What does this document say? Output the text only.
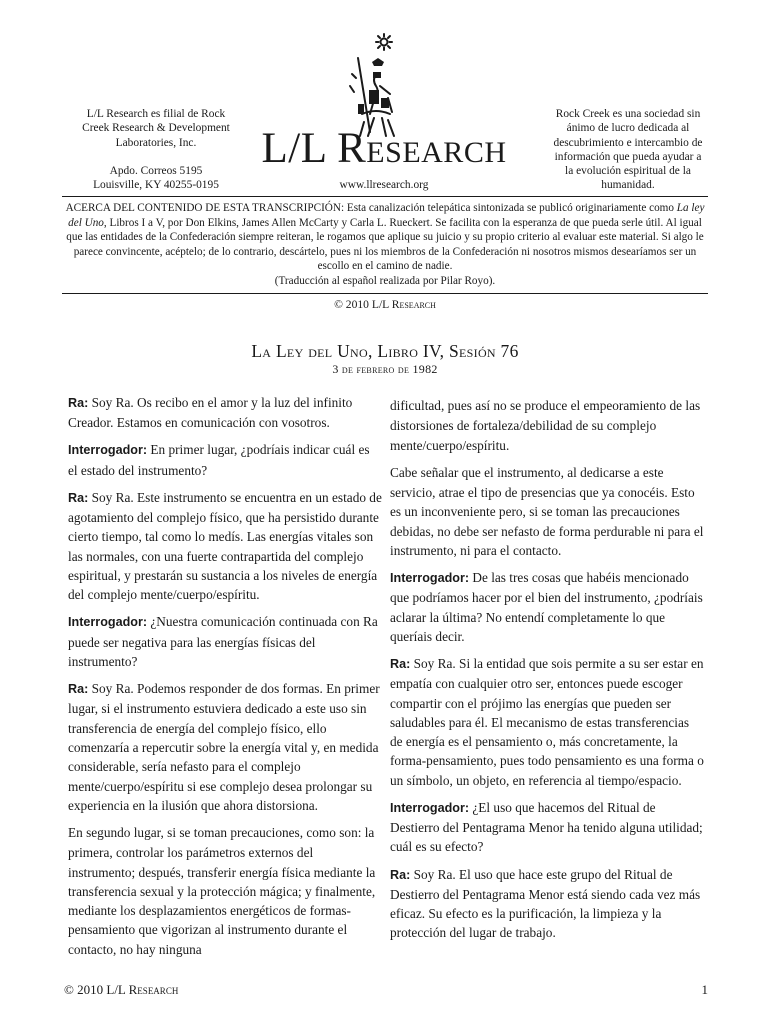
L/L Research es filial de Rock
Creek Research & Development
Laboratories, Inc.
Apdo. Correos 5195
Louisville, KY 40255-0195
L/L Research
www.llresearch.org
Rock Creek es una sociedad sin
ánimo de lucro dedicada al
descubrimiento e intercambio de
información que pueda ayudar a
la evolución espiritual de la
humanidad.
ACERCA DEL CONTENIDO DE ESTA TRANSCRIPCIÓN: Esta canalización telepática sintonizada se publicó originariamente como La ley del Uno, Libros I a V, por Don Elkins, James Allen McCarty y Carla L. Rueckert. Se facilita con la esperanza de que pueda serle útil. Al igual que las entidades de la Confederación siempre reiteran, le rogamos que aplique su juicio y su propio criterio al evaluar este material. Si algo le parece convincente, acéptelo; de lo contrario, descártelo, pues ni los miembros de la Confederación ni nosotros mismos desearíamos ser un escollo en el camino de nadie.
(Traducción al español realizada por Pilar Royo).
© 2010 L/L Research
La Ley del Uno, Libro IV, Sesión 76
3 de febrero de 1982

Ra: Soy Ra. Os recibo en el amor y la luz del infinito Creador. Estamos en comunicación con vosotros.

Interrogador: En primer lugar, ¿podríais indicar cuál es el estado del instrumento?

Ra: Soy Ra. Este instrumento se encuentra en un estado de agotamiento del complejo físico, que ha persistido durante cierto tiempo, tal como lo medís. Las energías vitales son las normales, con una fuerte contrapartida del complejo espiritual, y prestarán su sustancia a los niveles de energía del complejo mente/cuerpo/espíritu.

Interrogador: ¿Nuestra comunicación continuada con Ra puede ser negativa para las energías físicas del instrumento?

Ra: Soy Ra. Podemos responder de dos formas. En primer lugar, si el instrumento estuviera dedicado a este uso sin transferencia de energía del complejo físico, ello comenzaría a repercutir sobre la energía vital y, en medida considerable, sería nefasto para el complejo mente/cuerpo/espíritu si ese complejo desea prolongar su experiencia en la ilusión que ahora distorsiona.

En segundo lugar, si se toman precauciones, como son: la primera, controlar los parámetros externos del instrumento; después, transferir energía física mediante la transferencia sexual y la protección mágica; y finalmente, mediante los desplazamientos energéticos de formas-pensamiento que vigorizan al instrumento durante el contacto, no hay ninguna

dificultad, pues así no se produce el empeoramiento de las distorsiones de fortaleza/debilidad de su complejo mente/cuerpo/espíritu.

Cabe señalar que el instrumento, al dedicarse a este servicio, atrae el tipo de presencias que ya conocéis. Esto es un inconveniente pero, si se toman las precauciones debidas, no debe ser nefasto de forma perdurable ni para el instrumento, ni para el contacto.

Interrogador: De las tres cosas que habéis mencionado que podríamos hacer por el bien del instrumento, ¿podríais aclarar la última? No entendí completamente lo que queríais decir.

Ra: Soy Ra. Si la entidad que sois permite a su ser estar en empatía con cualquier otro ser, entonces puede escoger compartir con el prójimo las energías que pueden ser saludables para él. El mecanismo de estas transferencias de energía es el pensamiento o, más concretamente, la forma-pensamiento, pues todo pensamiento es una forma o un símbolo, un objeto, en referencia al tiempo/espacio.

Interrogador: ¿El uso que hacemos del Ritual de Destierro del Pentagrama Menor ha tenido alguna utilidad; cuál es su efecto?

Ra: Soy Ra. El uso que hace este grupo del Ritual de Destierro del Pentagrama Menor está siendo cada vez más eficaz. Su efecto es la purificación, la limpieza y la protección del lugar de trabajo.

© 2010 L/L Research	1
